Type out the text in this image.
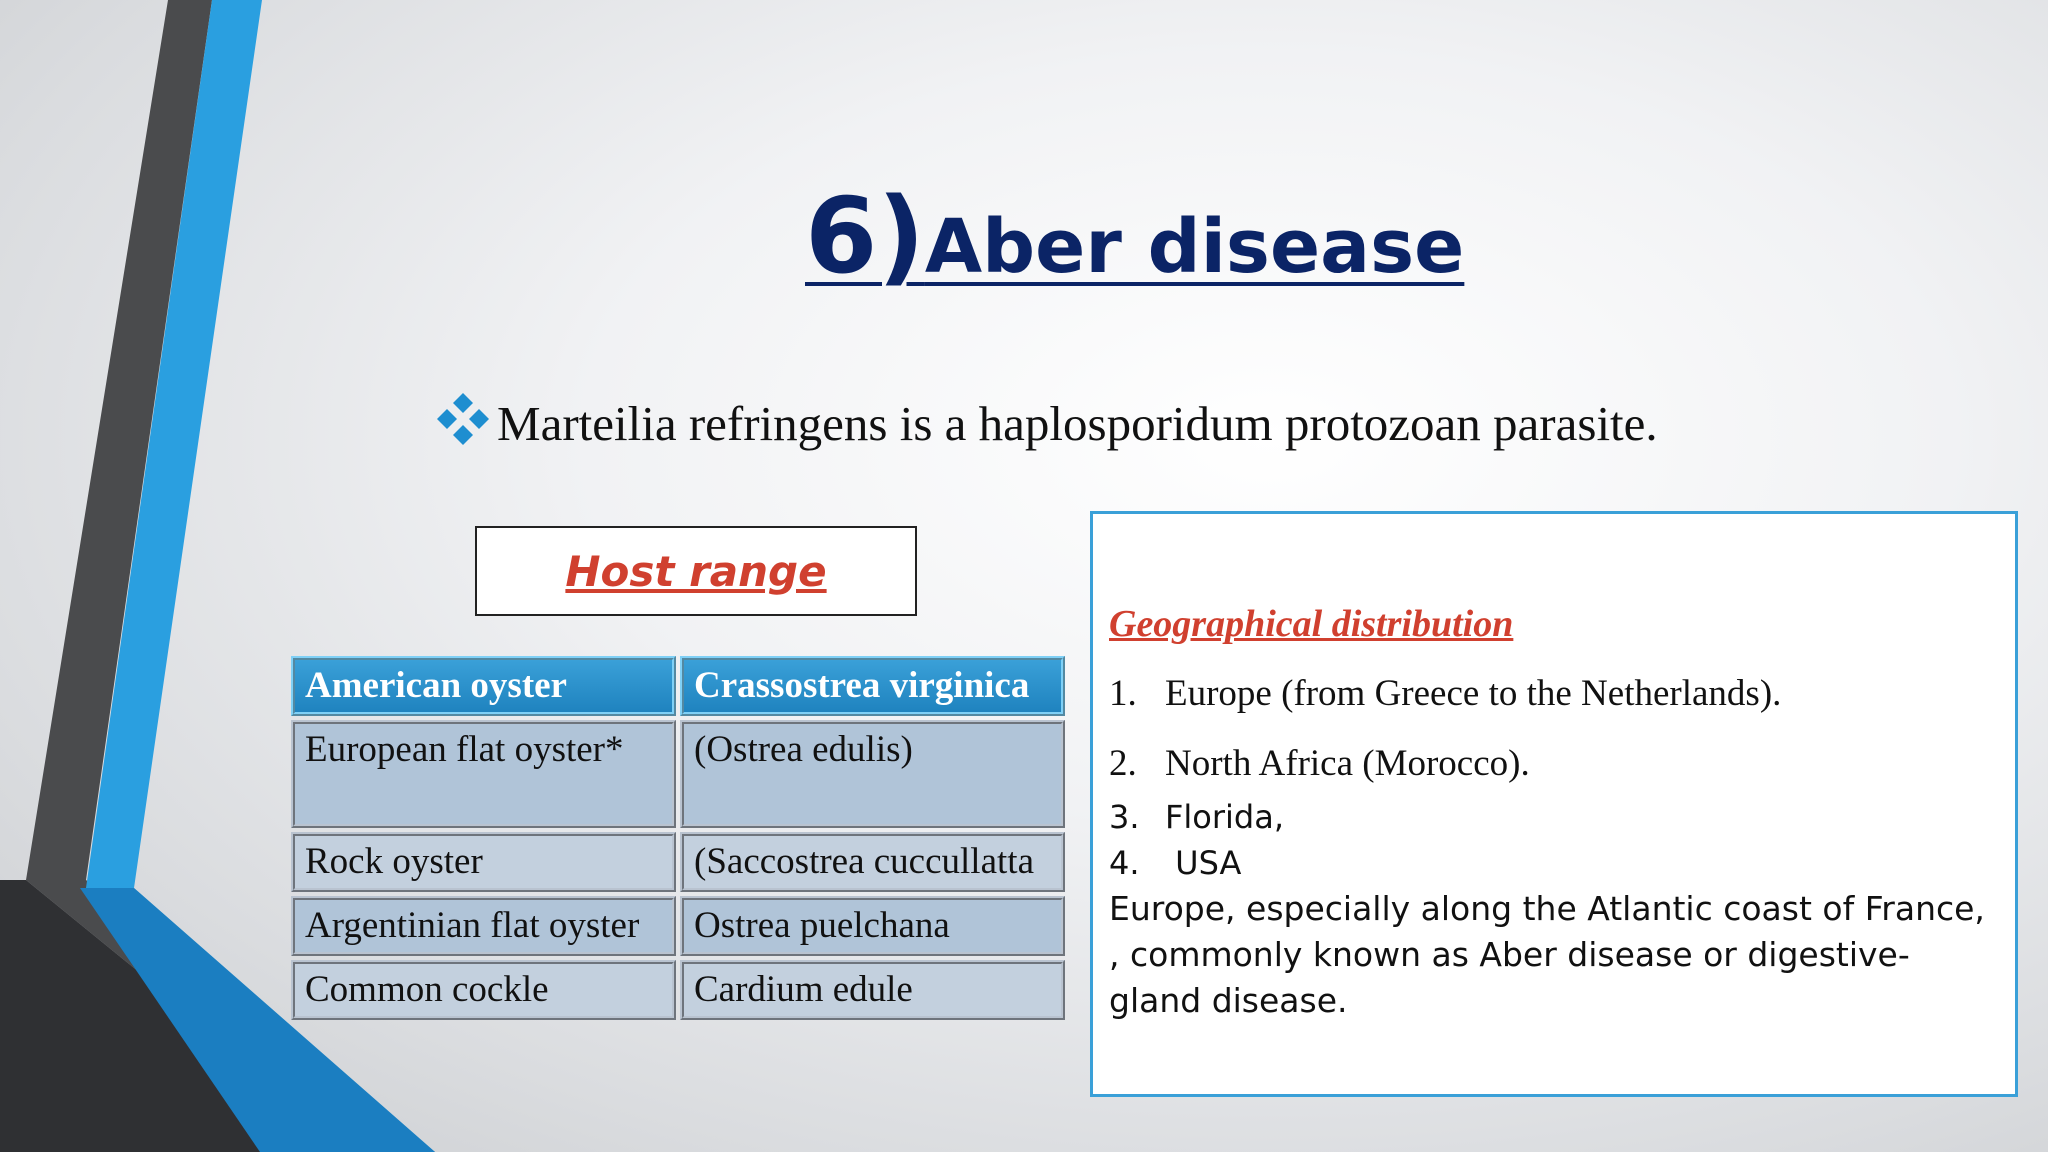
6)Aber disease
Marteilia refringens is a haplosporidum protozoan parasite.
Host range
American oyster	Crassostrea virginica
European flat oyster*	(Ostrea edulis)
Rock oyster	(Saccostrea cuccullatta
Argentinian flat oyster	Ostrea puelchana
Common cockle	Cardium edule
Geographical distribution
1. Europe (from Greece to the Netherlands).
2. North Africa (Morocco).
3. Florida,
4. USA
Europe, especially along the Atlantic coast of France, , commonly known as Aber disease or digestive-gland disease.
